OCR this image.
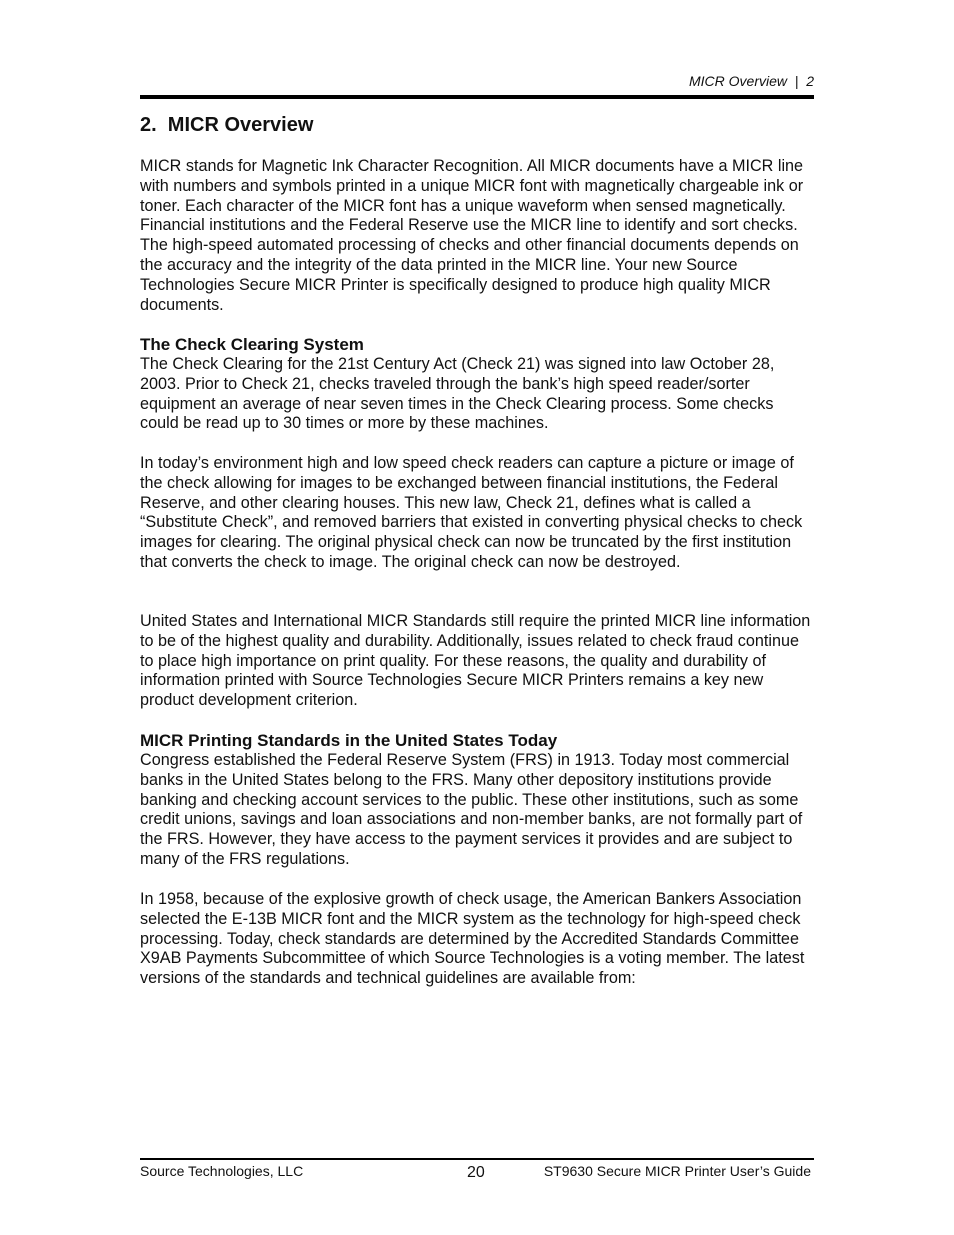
MICR Overview  |  2
2.  MICR Overview

MICR stands for Magnetic Ink Character Recognition. All MICR documents have a MICR line with numbers and symbols printed in a unique MICR font with magnetically chargeable ink or toner. Each character of the MICR font has a unique waveform when sensed magnetically. Financial institutions and the Federal Reserve use the MICR line to identify and sort checks. The high-speed automated processing of checks and other financial documents depends on the accuracy and the integrity of the data printed in the MICR line. Your new Source Technologies Secure MICR Printer is specifically designed to produce high quality MICR documents.

The Check Clearing System

The Check Clearing for the 21st Century Act (Check 21) was signed into law October 28, 2003. Prior to Check 21, checks traveled through the bank’s high speed reader/sorter equipment an average of near seven times in the Check Clearing process. Some checks could be read up to 30 times or more by these machines.

In today’s environment high and low speed check readers can capture a picture or image of the check allowing for images to be exchanged between financial institutions, the Federal Reserve, and other clearing houses. This new law, Check 21, defines what is called a “Substitute Check”, and removed barriers that existed in converting physical checks to check images for clearing. The original physical check can now be truncated by the first institution that converts the check to image. The original check can now be destroyed.

United States and International MICR Standards still require the printed MICR line information to be of the highest quality and durability. Additionally, issues related to check fraud continue to place high importance on print quality. For these reasons, the quality and durability of information printed with Source Technologies Secure MICR Printers remains a key new product development criterion.

MICR Printing Standards in the United States Today

Congress established the Federal Reserve System (FRS) in 1913. Today most commercial banks in the United States belong to the FRS. Many other depository institutions provide banking and checking account services to the public. These other institutions, such as some credit unions, savings and loan associations and non-member banks, are not formally part of the FRS. However, they have access to the payment services it provides and are subject to many of the FRS regulations.

In 1958, because of the explosive growth of check usage, the American Bankers Association selected the E-13B MICR font and the MICR system as the technology for high-speed check processing. Today, check standards are determined by the Accredited Standards Committee X9AB Payments Subcommittee of which Source Technologies is a voting member. The latest versions of the standards and technical guidelines are available from:

Source Technologies, LLC	20	ST9630 Secure MICR Printer User’s Guide
